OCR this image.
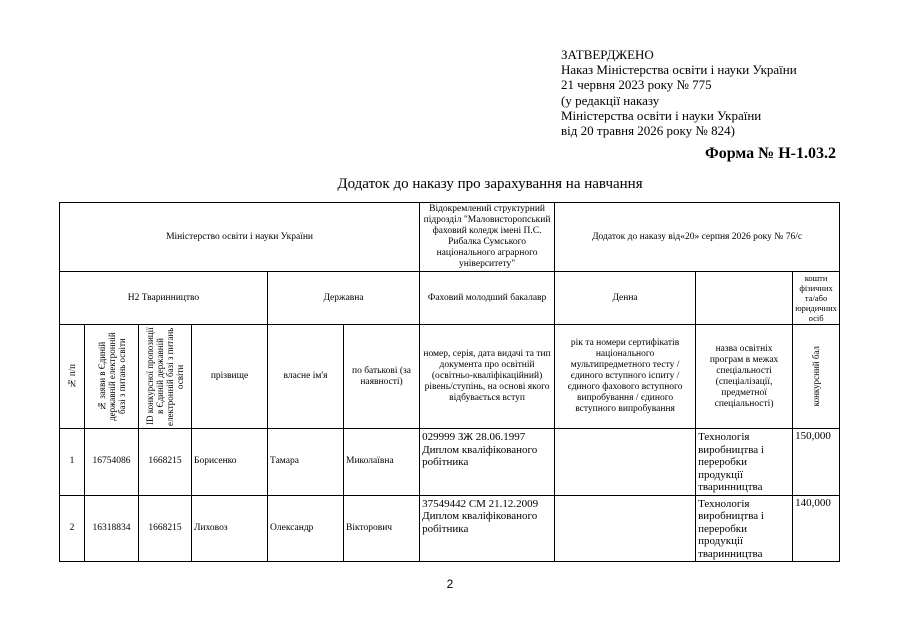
ЗАТВЕРДЖЕНО
Наказ Міністерства освіти і науки України
21 червня 2023 року № 775
(у редакції наказу
Міністерства освіти і науки України
від 20 травня 2026 року № 824)
Форма № Н-1.03.2
Додаток до наказу про зарахування на навчання
Міністерство освіти і науки України						Відокремлений структурний підрозділ "Маловисторопський фаховий коледж імені П.С. Рибалка Сумського національного аграрного університету"	Додаток до наказу від«20» серпня 2026 року № 76/с		
Н2 Тваринництво				Державна		Фаховий молодший бакалавр	Денна		кошти фізичних та/або юридичних осіб

№ п/п	№ заяви в Єдиній державній електронній базі з питань освіти	ID конкурсної пропозиції в Єдиній державній електронній базі з питань освіти	прізвище	власне ім'я	по батькові (за наявності)	номер, серія, дата видачі та тип документа про освітній (освітньо-кваліфікаційний) рівень/ступінь, на основі якого відбувається вступ	рік та номери сертифікатів національного мультипредметного тесту / єдиного вступного іспиту / єдиного фахового вступного випробування / єдиного вступного випробування	назва освітніх програм в межах спеціальності (спеціалізації, предметної спеціальності)	конкурсний бал

1	16754086	1668215	Борисенко	Тамара	Миколаївна	029999 ЗЖ 28.06.1997
Диплом кваліфікованого робітника		Технологія виробництва і переробки продукції тваринництва	150,000
2	16318834	1668215	Лиховоз	Олександр	Вікторович	37549442 СМ 21.12.2009
Диплом кваліфікованого робітника		Технологія виробництва і переробки продукції тваринництва	140,000
2
